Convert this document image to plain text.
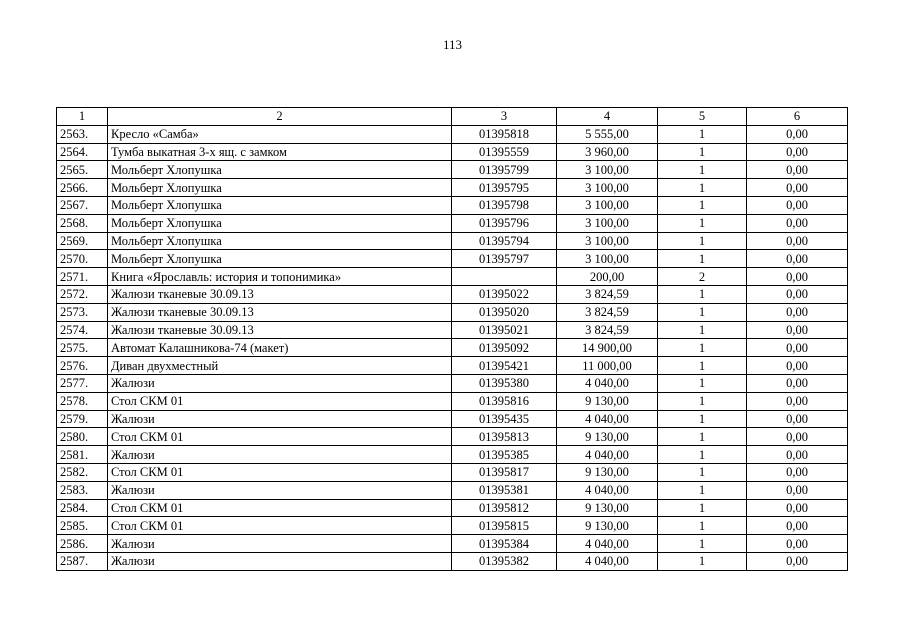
113
1	2	3	4	5	6
2563.	Кресло «Самба»	01395818	5 555,00	1	0,00
2564.	Тумба выкатная 3-х ящ. с замком	01395559	3 960,00	1	0,00
2565.	Мольберт Хлопушка	01395799	3 100,00	1	0,00
2566.	Мольберт Хлопушка	01395795	3 100,00	1	0,00
2567.	Мольберт Хлопушка	01395798	3 100,00	1	0,00
2568.	Мольберт Хлопушка	01395796	3 100,00	1	0,00
2569.	Мольберт Хлопушка	01395794	3 100,00	1	0,00
2570.	Мольберт Хлопушка	01395797	3 100,00	1	0,00
2571.	Книга «Ярославль: история и топонимика»		200,00	2	0,00
2572.	Жалюзи тканевые 30.09.13	01395022	3 824,59	1	0,00
2573.	Жалюзи тканевые 30.09.13	01395020	3 824,59	1	0,00
2574.	Жалюзи тканевые 30.09.13	01395021	3 824,59	1	0,00
2575.	Автомат Калашникова-74 (макет)	01395092	14 900,00	1	0,00
2576.	Диван двухместный	01395421	11 000,00	1	0,00
2577.	Жалюзи	01395380	4 040,00	1	0,00
2578.	Стол СКМ 01	01395816	9 130,00	1	0,00
2579.	Жалюзи	01395435	4 040,00	1	0,00
2580.	Стол СКМ 01	01395813	9 130,00	1	0,00
2581.	Жалюзи	01395385	4 040,00	1	0,00
2582.	Стол СКМ 01	01395817	9 130,00	1	0,00
2583.	Жалюзи	01395381	4 040,00	1	0,00
2584.	Стол СКМ 01	01395812	9 130,00	1	0,00
2585.	Стол СКМ 01	01395815	9 130,00	1	0,00
2586.	Жалюзи	01395384	4 040,00	1	0,00
2587.	Жалюзи	01395382	4 040,00	1	0,00
